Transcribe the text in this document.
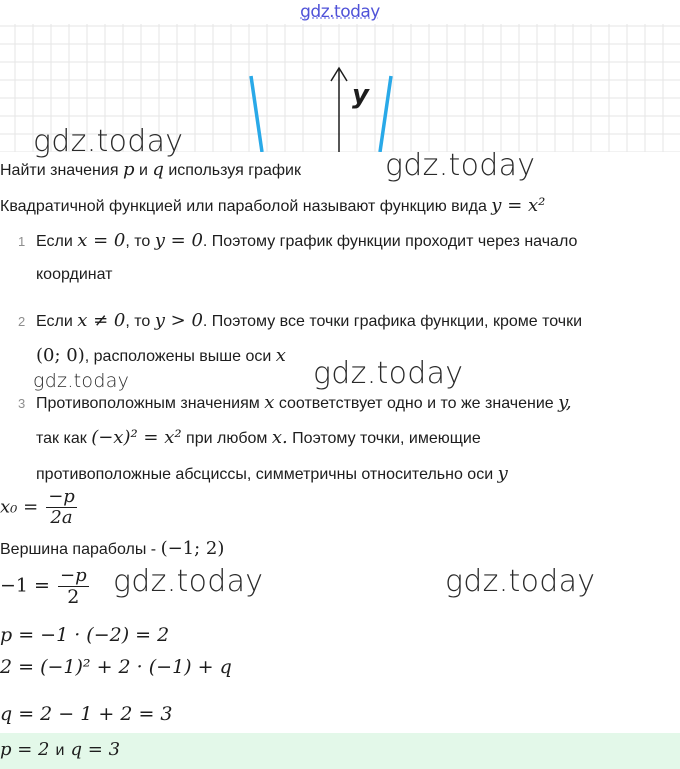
gdz.today
y
gdz.today
gdz.today
gdz.today	gdz.today
gdz.today	gdz.today
Найти значения p и q используя график
Квадратичной функцией или параболой называют функцию вида y = x²
1 Если x = 0, то y = 0. Поэтому график функции проходит через начало
координат
2 Если x ≠ 0, то y > 0. Поэтому все точки графика функции, кроме точки
(0; 0), расположены выше оси x
3 Противоположным значениям x соответствует одно и то же значение y,
так как (−x)² = x² при любом x. Поэтому точки, имеющие
противоположные абсциссы, симметричны относительно оси y
$x_0 = \frac{-p}{2a}$
Вершина параболы - (−1; 2)
$-1 = \frac{-p}{2}$
p = −1 · (−2) = 2
2 = (−1)² + 2 · (−1) + q
q = 2 − 1 + 2 = 3
p = 2 и q = 3
